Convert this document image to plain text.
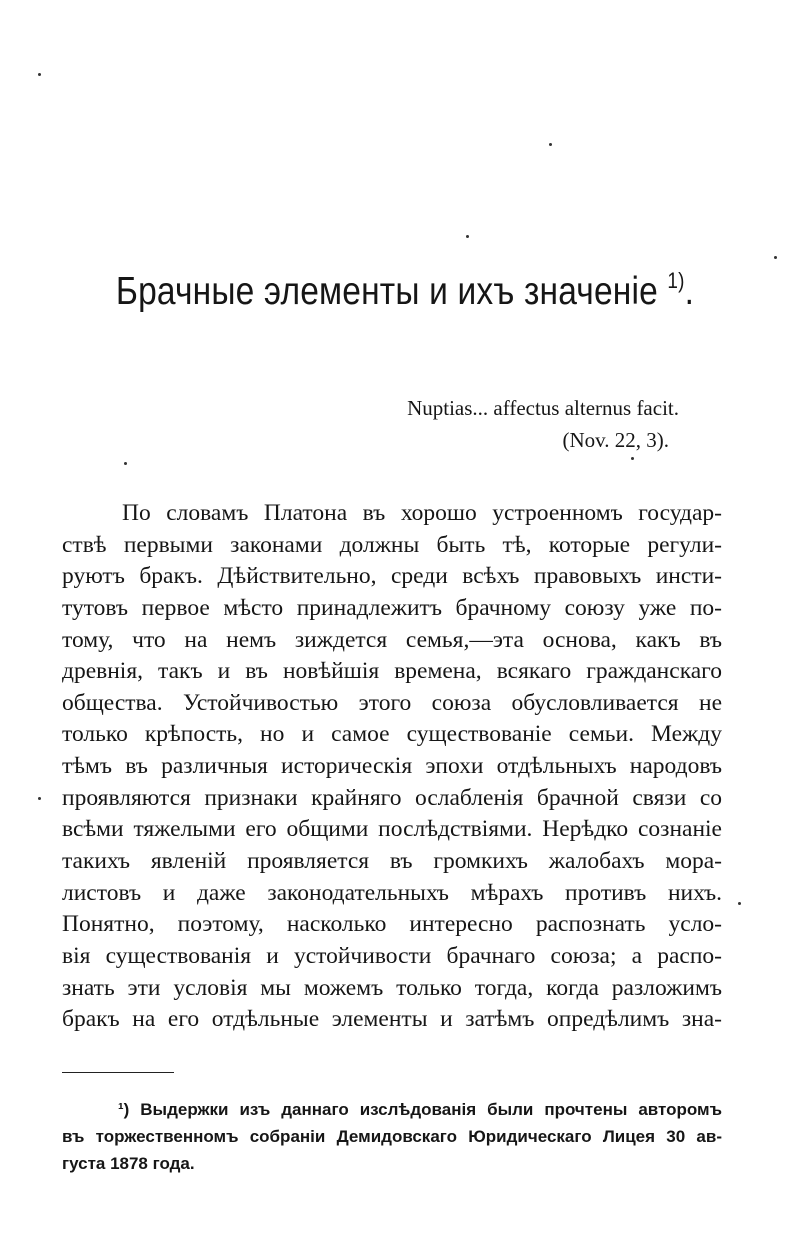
Брачные элементы и ихъ значенie $^{1)}$.
Nuptias... affectus alternus facit.
(Nov. 22, 3).
По словамъ Платона въ хорошо устроенномъ государ-
ствѣ первыми законами должны быть тѣ, которые регули-
руютъ бракъ. Дѣйствительно, среди всѣхъ правовыхъ инсти-
тутовъ первое мѣсто принадлежитъ брачному союзу уже по-
тому, что на немъ зиждется семья,—эта основа, какъ въ
древнiя, такъ и въ новѣйшiя времена, всякаго гражданскаго
общества. Устойчивостью этого союза обусловливается не
только крѣпость, но и самое существованiе семьи. Между
тѣмъ въ различныя историческiя эпохи отдѣльныхъ народовъ
проявляются признаки крайняго ослабленiя брачной связи со
всѣми тяжелыми его общими послѣдствiями. Нерѣдко сознанiе
такихъ явленiй проявляется въ громкихъ жалобахъ мора-
листовъ и даже законодательныхъ мѣрахъ противъ нихъ.
Понятно, поэтому, насколько интересно распознать усло-
вiя существованiя и устойчивости брачнаго союза; а распо-
знать эти условiя мы можемъ только тогда, когда разложимъ
бракъ на его отдѣльные элементы и затѣмъ опредѣлимъ зна-
¹) Выдержки изъ даннаго изслѣдованiя были прочтены авторомъ
въ торжественномъ собранiи Демидовскаго Юридическаго Лицея 30 ав-
густа 1878 года.
